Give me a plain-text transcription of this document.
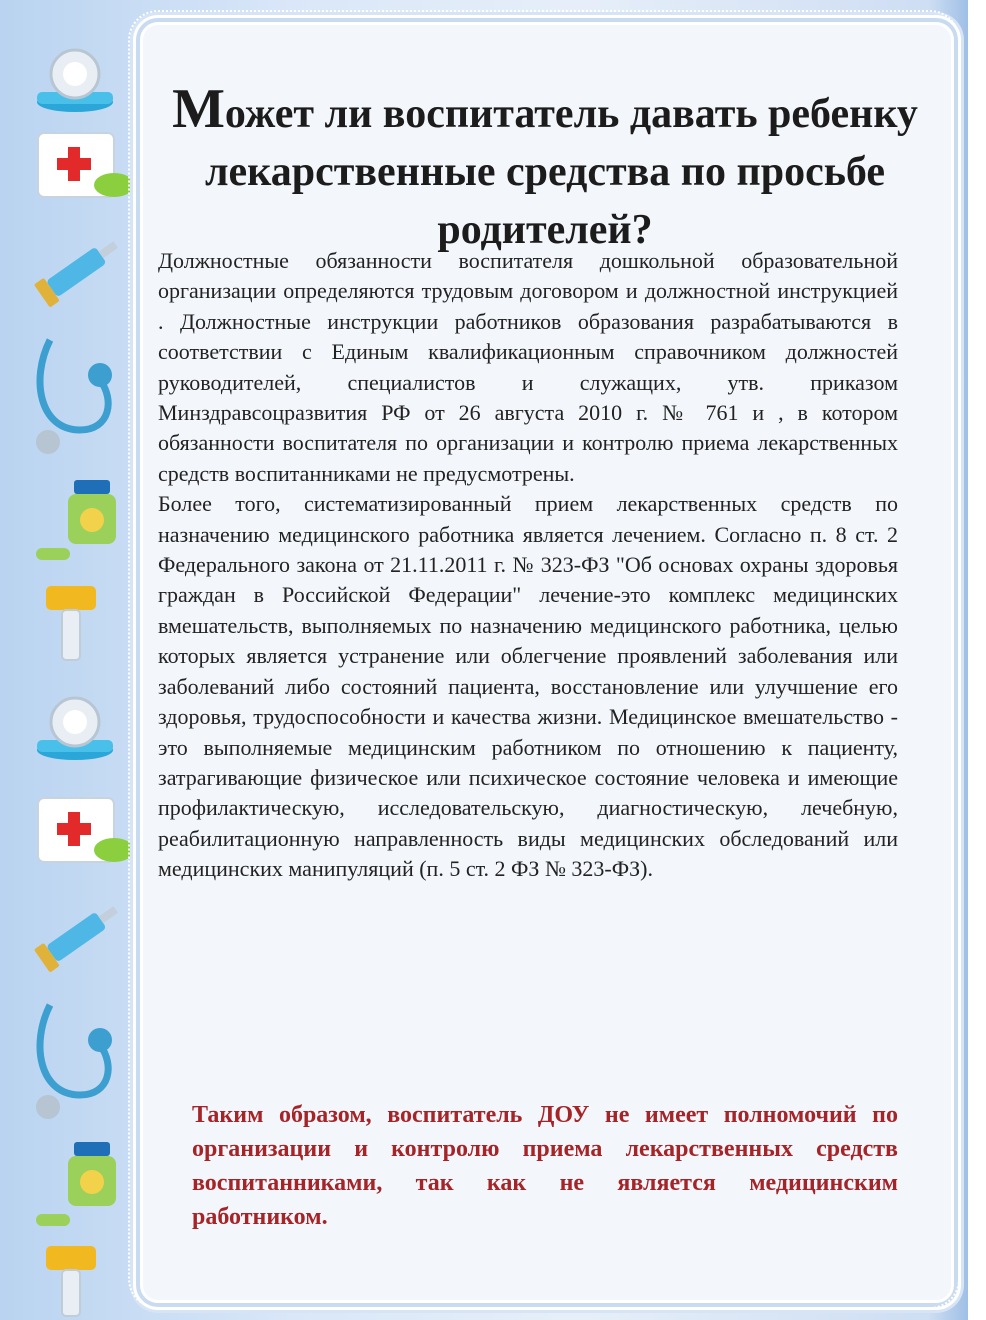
Может ли воспитатель давать ребенку лекарственные средства по просьбе родителей?

Должностные обязанности воспитателя дошкольной образовательной организации определяются трудовым договором и должностной инструкцией . Должностные инструкции работников образования разрабатываются в соответствии с Единым квалификационным справочником должностей руководителей, специалистов и служащих, утв. приказом Минздравсоцразвития РФ от 26 августа 2010 г. № 761 и , в котором обязанности воспитателя по организации и контролю приема лекарственных средств воспитанниками не предусмотрены.

Более того, систематизированный прием лекарственных средств по назначению медицинского работника является лечением. Согласно п. 8 ст. 2 Федерального закона от 21.11.2011 г. № 323-ФЗ "Об основах охраны здоровья граждан в Российской Федерации" лечение-это комплекс медицинских вмешательств, выполняемых по назначению медицинского работника, целью которых является устранение или облегчение проявлений заболевания или заболеваний либо состояний пациента, восстановление или улучшение его здоровья, трудоспособности и качества жизни. Медицинское вмешательство - это выполняемые медицинским работником по отношению к пациенту, затрагивающие физическое или психическое состояние человека и имеющие профилактическую, исследовательскую, диагностическую, лечебную, реабилитационную направленность виды медицинских обследований или медицинских манипуляций (п. 5 ст. 2 ФЗ № 323-ФЗ).

Таким образом, воспитатель ДОУ не имеет полномочий по организации и контролю приема лекарственных средств воспитанниками, так как не является медицинским работником.
